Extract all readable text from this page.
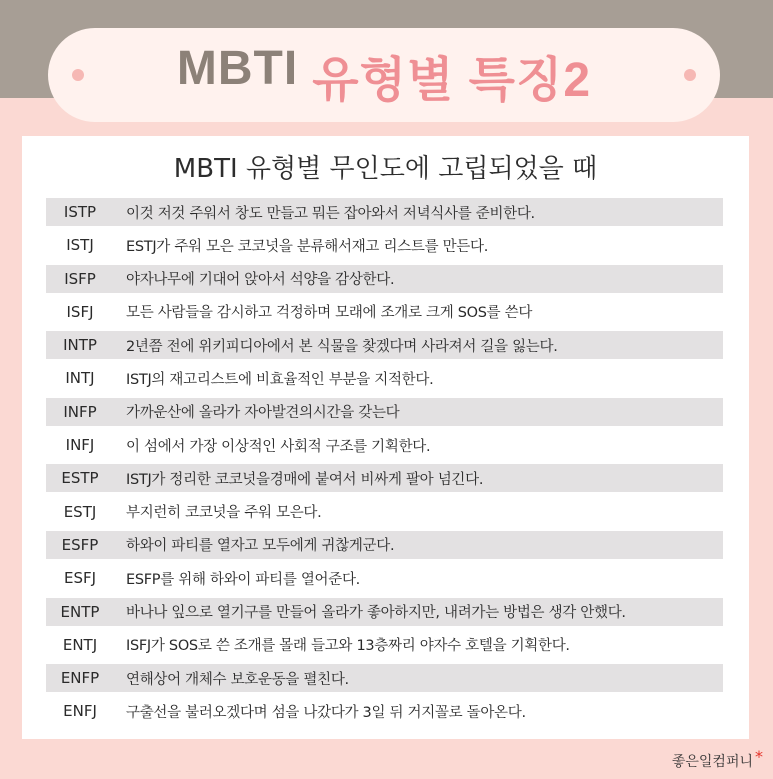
MBTI 유형별 특징2
MBTI 유형별 무인도에 고립되었을 때
ISTP	이것 저것 주워서 창도 만들고 뭐든 잡아와서 저녁식사를 준비한다.
ISTJ	ESTJ가 주워 모은 코코넛을 분류해서재고 리스트를 만든다.
ISFP	야자나무에 기대어 앉아서 석양을 감상한다.
ISFJ	모든 사람들을 감시하고 걱정하며 모래에 조개로 크게 SOS를 쓴다
INTP	2년쯤 전에 위키피디아에서 본 식물을 찾겠다며 사라져서 길을 잃는다.
INTJ	ISTJ의 재고리스트에 비효율적인 부분을 지적한다.
INFP	가까운산에 올라가 자아발견의시간을 갖는다
INFJ	이 섬에서 가장 이상적인 사회적 구조를 기획한다.
ESTP	ISTJ가 정리한 코코넛을경매에 붙여서 비싸게 팔아 넘긴다.
ESTJ	부지런히 코코넛을 주워 모은다.
ESFP	하와이 파티를 열자고 모두에게 귀찮게군다.
ESFJ	ESFP를 위해 하와이 파티를 열어준다.
ENTP	바나나 잎으로 열기구를 만들어 올라가 좋아하지만, 내려가는 방법은 생각 안했다.
ENTJ	ISFJ가 SOS로 쓴 조개를 몰래 들고와 13층짜리 야자수 호텔을 기획한다.
ENFP	연해상어 개체수 보호운동을 펼친다.
ENFJ	구출선을 불러오겠다며 섬을 나갔다가 3일 뒤 거지꼴로 돌아온다.
좋은일컴퍼니 *
